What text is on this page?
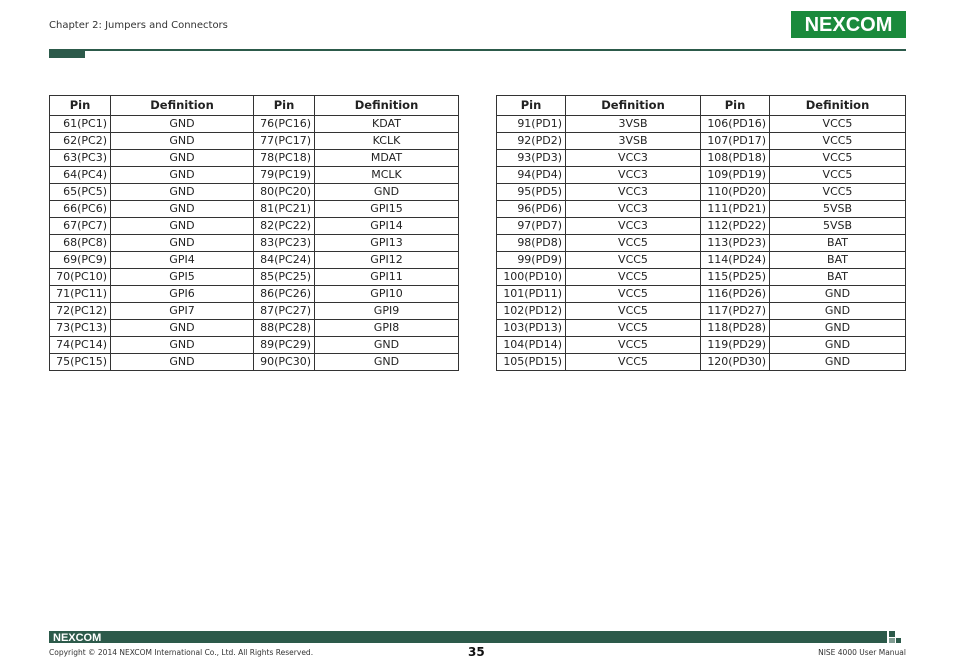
Chapter 2: Jumpers and Connectors	NEXCOM
Pin	Definition	Pin	Definition
61(PC1)	GND	76(PC16)	KDAT
62(PC2)	GND	77(PC17)	KCLK
63(PC3)	GND	78(PC18)	MDAT
64(PC4)	GND	79(PC19)	MCLK
65(PC5)	GND	80(PC20)	GND
66(PC6)	GND	81(PC21)	GPI15
67(PC7)	GND	82(PC22)	GPI14
68(PC8)	GND	83(PC23)	GPI13
69(PC9)	GPI4	84(PC24)	GPI12
70(PC10)	GPI5	85(PC25)	GPI11
71(PC11)	GPI6	86(PC26)	GPI10
72(PC12)	GPI7	87(PC27)	GPI9
73(PC13)	GND	88(PC28)	GPI8
74(PC14)	GND	89(PC29)	GND
75(PC15)	GND	90(PC30)	GND
Pin	Definition	Pin	Definition
91(PD1)	3VSB	106(PD16)	VCC5
92(PD2)	3VSB	107(PD17)	VCC5
93(PD3)	VCC3	108(PD18)	VCC5
94(PD4)	VCC3	109(PD19)	VCC5
95(PD5)	VCC3	110(PD20)	VCC5
96(PD6)	VCC3	111(PD21)	5VSB
97(PD7)	VCC3	112(PD22)	5VSB
98(PD8)	VCC5	113(PD23)	BAT
99(PD9)	VCC5	114(PD24)	BAT
100(PD10)	VCC5	115(PD25)	BAT
101(PD11)	VCC5	116(PD26)	GND
102(PD12)	VCC5	117(PD27)	GND
103(PD13)	VCC5	118(PD28)	GND
104(PD14)	VCC5	119(PD29)	GND
105(PD15)	VCC5	120(PD30)	GND
NEXCOM
Copyright © 2014 NEXCOM International Co., Ltd. All Rights Reserved.	35	NISE 4000 User Manual
